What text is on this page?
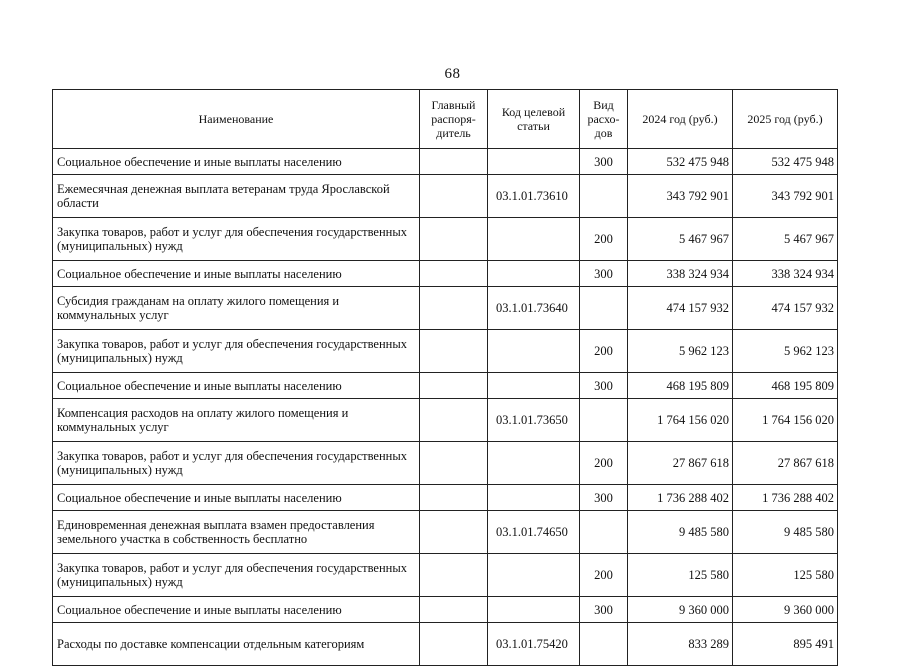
68
Наименование	Главный распоря-дитель	Код целевой статьи	Вид расхо-дов	2024 год (руб.)	2025 год (руб.)
Социальное обеспечение и иные выплаты населению			300	532 475 948	532 475 948
Ежемесячная денежная выплата ветеранам труда Ярославской области		03.1.01.73610		343 792 901	343 792 901
Закупка товаров, работ и услуг для обеспечения государственных (муниципальных) нужд			200	5 467 967	5 467 967
Социальное обеспечение и иные выплаты населению			300	338 324 934	338 324 934
Субсидия гражданам на оплату жилого помещения и коммунальных услуг		03.1.01.73640		474 157 932	474 157 932
Закупка товаров, работ и услуг для обеспечения государственных (муниципальных) нужд			200	5 962 123	5 962 123
Социальное обеспечение и иные выплаты населению			300	468 195 809	468 195 809
Компенсация расходов на оплату жилого помещения и коммунальных услуг		03.1.01.73650		1 764 156 020	1 764 156 020
Закупка товаров, работ и услуг для обеспечения государственных (муниципальных) нужд			200	27 867 618	27 867 618
Социальное обеспечение и иные выплаты населению			300	1 736 288 402	1 736 288 402
Единовременная денежная выплата взамен предоставления земельного участка в собственность бесплатно		03.1.01.74650		9 485 580	9 485 580
Закупка товаров, работ и услуг для обеспечения государственных (муниципальных) нужд			200	125 580	125 580
Социальное обеспечение и иные выплаты населению			300	9 360 000	9 360 000
Расходы по доставке компенсации отдельным категориям		03.1.01.75420		833 289	895 491
